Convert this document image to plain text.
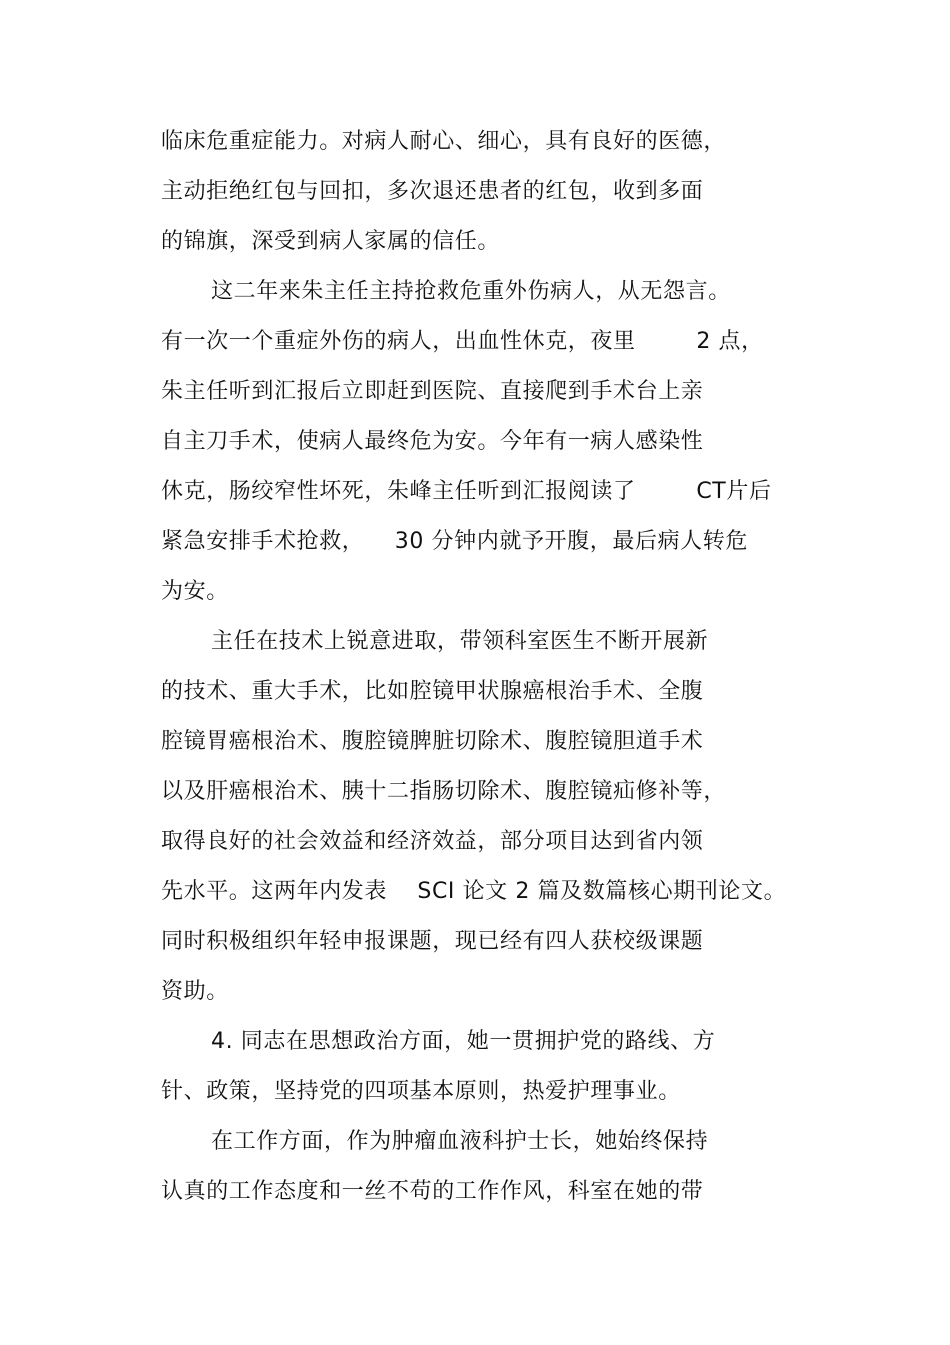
临床危重症能力。对病人耐心、细心，具有良好的医德，
主动拒绝红包与回扣，多次退还患者的红包，收到多面
的锦旗，深受到病人家属的信任。
这二年来朱主任主持抢救危重外伤病人，从无怨言。
有一次一个重症外伤的病人，出血性休克，夜里        2 点，
朱主任听到汇报后立即赶到医院、直接爬到手术台上亲
自主刀手术，使病人最终危为安。今年有一病人感染性
休克，肠绞窄性坏死，朱峰主任听到汇报阅读了        CT片后
紧急安排手术抢救，    30 分钟内就予开腹，最后病人转危
为安。
主任在技术上锐意进取，带领科室医生不断开展新
的技术、重大手术，比如腔镜甲状腺癌根治手术、全腹
腔镜胃癌根治术、腹腔镜脾脏切除术、腹腔镜胆道手术
以及肝癌根治术、胰十二指肠切除术、腹腔镜疝修补等，
取得良好的社会效益和经济效益，部分项目达到省内领
先水平。这两年内发表    SCI 论文 2 篇及数篇核心期刊论文。
同时积极组织年轻申报课题，现已经有四人获校级课题
资助。
4. 同志在思想政治方面，她一贯拥护党的路线、方
针、政策，坚持党的四项基本原则，热爱护理事业。
在工作方面，作为肿瘤血液科护士长，她始终保持
认真的工作态度和一丝不苟的工作作风，科室在她的带
